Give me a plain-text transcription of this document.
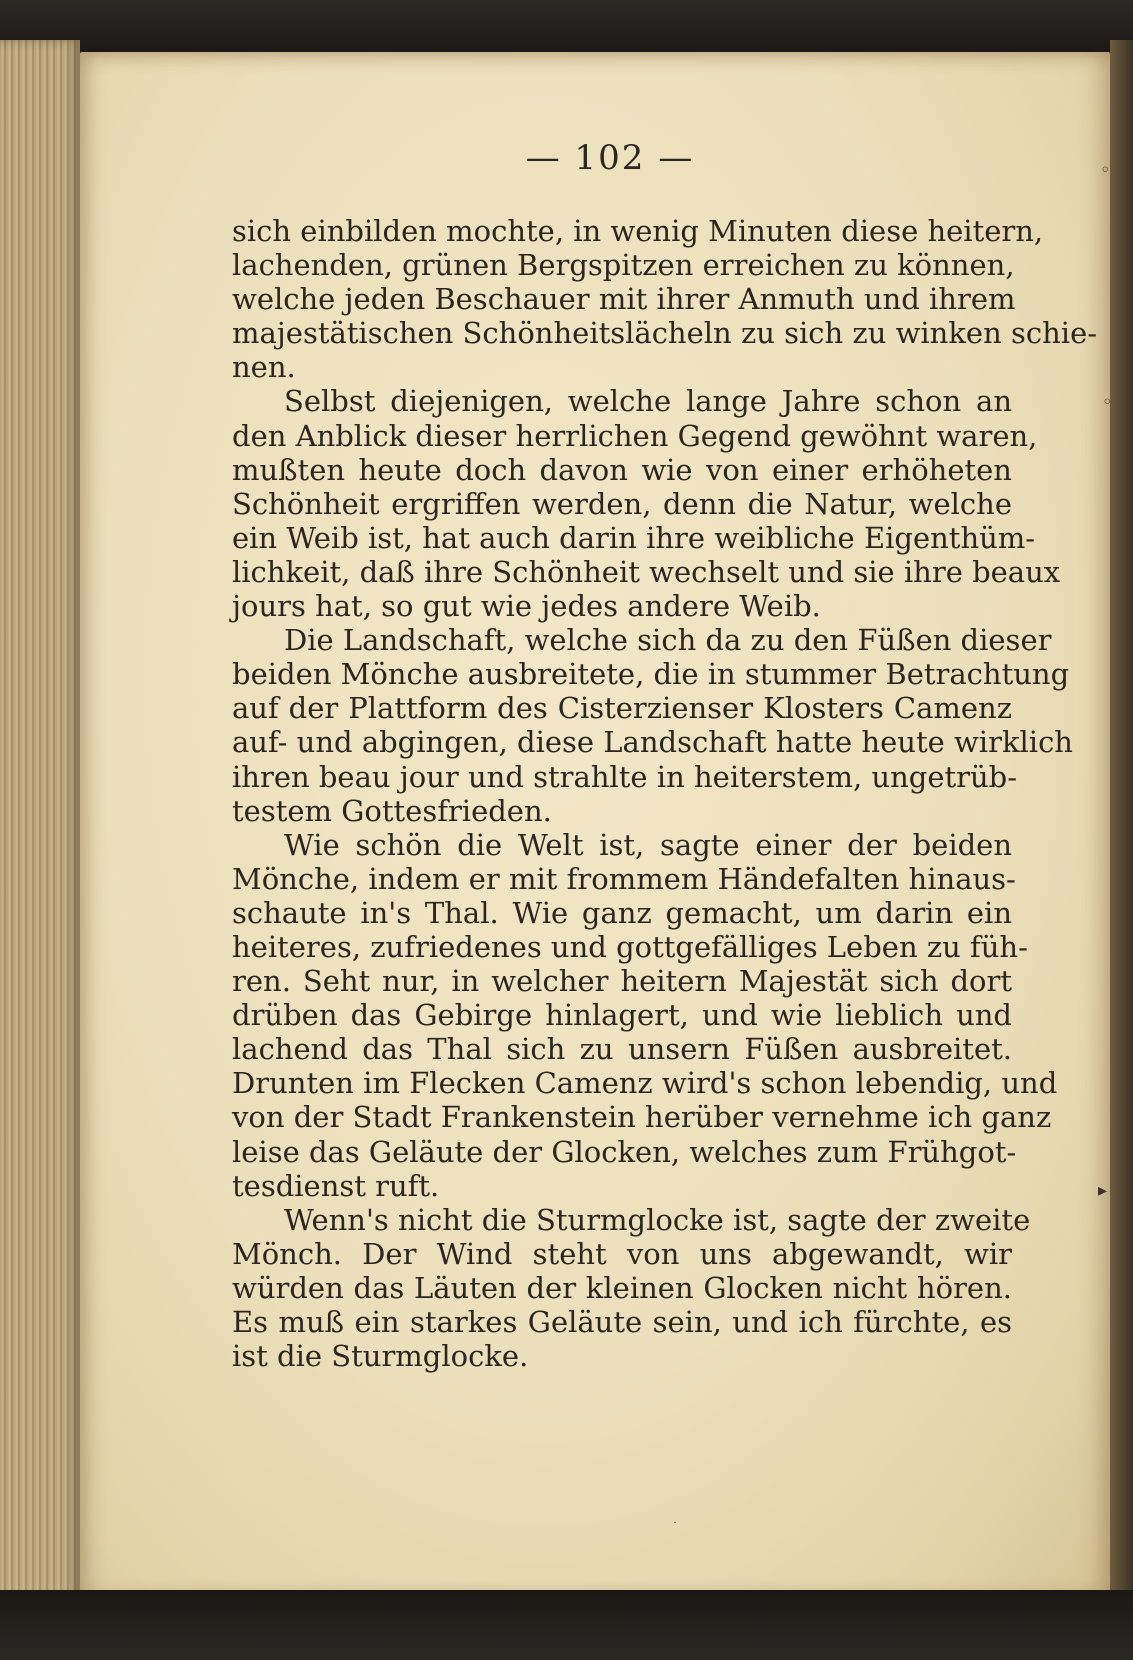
— 102 —
sich einbilden mochte, in wenig Minuten diese heitern,
lachenden, grünen Bergspitzen erreichen zu können,
welche jeden Beschauer mit ihrer Anmuth und ihrem
majestätischen Schönheitslächeln zu sich zu winken schie-
nen.
Selbst diejenigen, welche lange Jahre schon an
den Anblick dieser herrlichen Gegend gewöhnt waren,
mußten heute doch davon wie von einer erhöheten
Schönheit ergriffen werden, denn die Natur, welche
ein Weib ist, hat auch darin ihre weibliche Eigenthüm-
lichkeit, daß ihre Schönheit wechselt und sie ihre beaux
jours hat, so gut wie jedes andere Weib.
Die Landschaft, welche sich da zu den Füßen dieser
beiden Mönche ausbreitete, die in stummer Betrachtung
auf der Plattform des Cisterzienser Klosters Camenz
auf- und abgingen, diese Landschaft hatte heute wirklich
ihren beau jour und strahlte in heiterstem, ungetrüb-
testem Gottesfrieden.
Wie schön die Welt ist, sagte einer der beiden
Mönche, indem er mit frommem Händefalten hinaus-
schaute in's Thal. Wie ganz gemacht, um darin ein
heiteres, zufriedenes und gottgefälliges Leben zu füh-
ren. Seht nur, in welcher heitern Majestät sich dort
drüben das Gebirge hinlagert, und wie lieblich und
lachend das Thal sich zu unsern Füßen ausbreitet.
Drunten im Flecken Camenz wird's schon lebendig, und
von der Stadt Frankenstein herüber vernehme ich ganz
leise das Geläute der Glocken, welches zum Frühgot-
tesdienst ruft.
Wenn's nicht die Sturmglocke ist, sagte der zweite
Mönch. Der Wind steht von uns abgewandt, wir
würden das Läuten der kleinen Glocken nicht hören.
Es muß ein starkes Geläute sein, und ich fürchte, es
ist die Sturmglocke.
◦
◦
▸
˙
